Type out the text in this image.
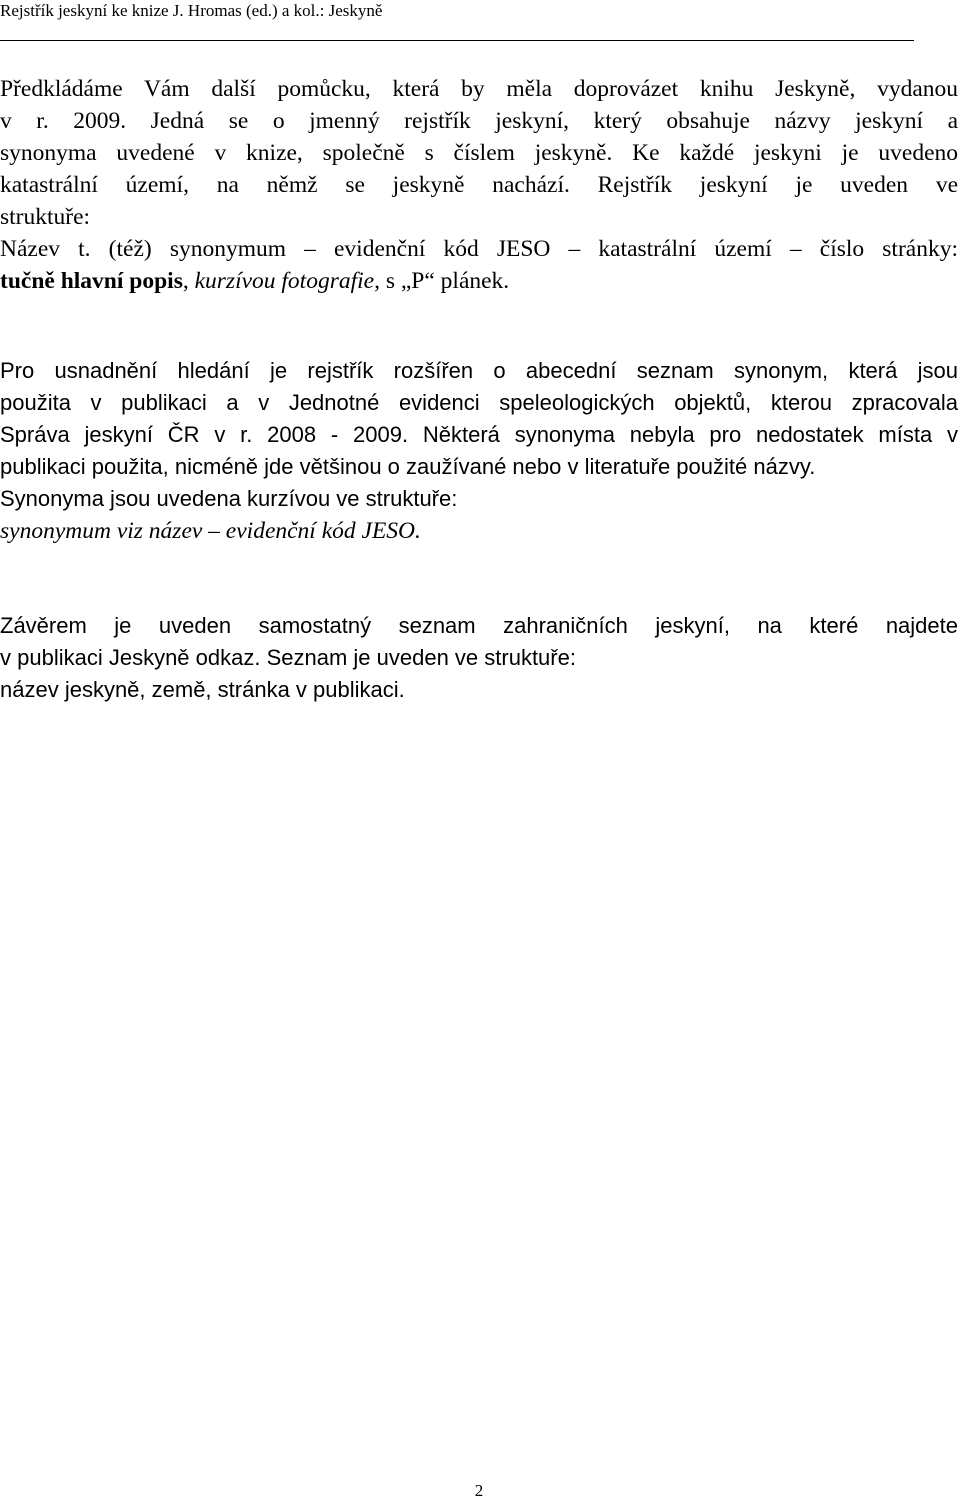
Rejstřík jeskyní ke knize J. Hromas (ed.) a kol.: Jeskyně
Předkládáme Vám další pomůcku, která by měla doprovázet knihu Jeskyně, vydanou
v r. 2009. Jedná se o jmenný rejstřík jeskyní, který obsahuje názvy jeskyní a
synonyma uvedené v knize, společně s číslem jeskyně. Ke každé jeskyni je uvedeno
katastrální území, na němž se jeskyně nachází. Rejstřík jeskyní je uveden ve
struktuře:
Název t. (též) synonymum – evidenční kód JESO – katastrální území – číslo stránky:
tučně hlavní popis, kurzívou fotografie, s „P“ plánek.
Pro usnadnění hledání je rejstřík rozšířen o abecední seznam synonym, která jsou
použita v publikaci a v Jednotné evidenci speleologických objektů, kterou zpracovala
Správa jeskyní ČR v r. 2008 - 2009. Některá synonyma nebyla pro nedostatek místa v
publikaci použita, nicméně jde většinou o zaužívané nebo v literatuře použité názvy.
Synonyma jsou uvedena kurzívou ve struktuře:
synonymum viz název – evidenční kód JESO.
Závěrem je uveden samostatný seznam zahraničních jeskyní, na které najdete
v publikaci Jeskyně odkaz. Seznam je uveden ve struktuře:
název jeskyně, země, stránka v publikaci.
2
